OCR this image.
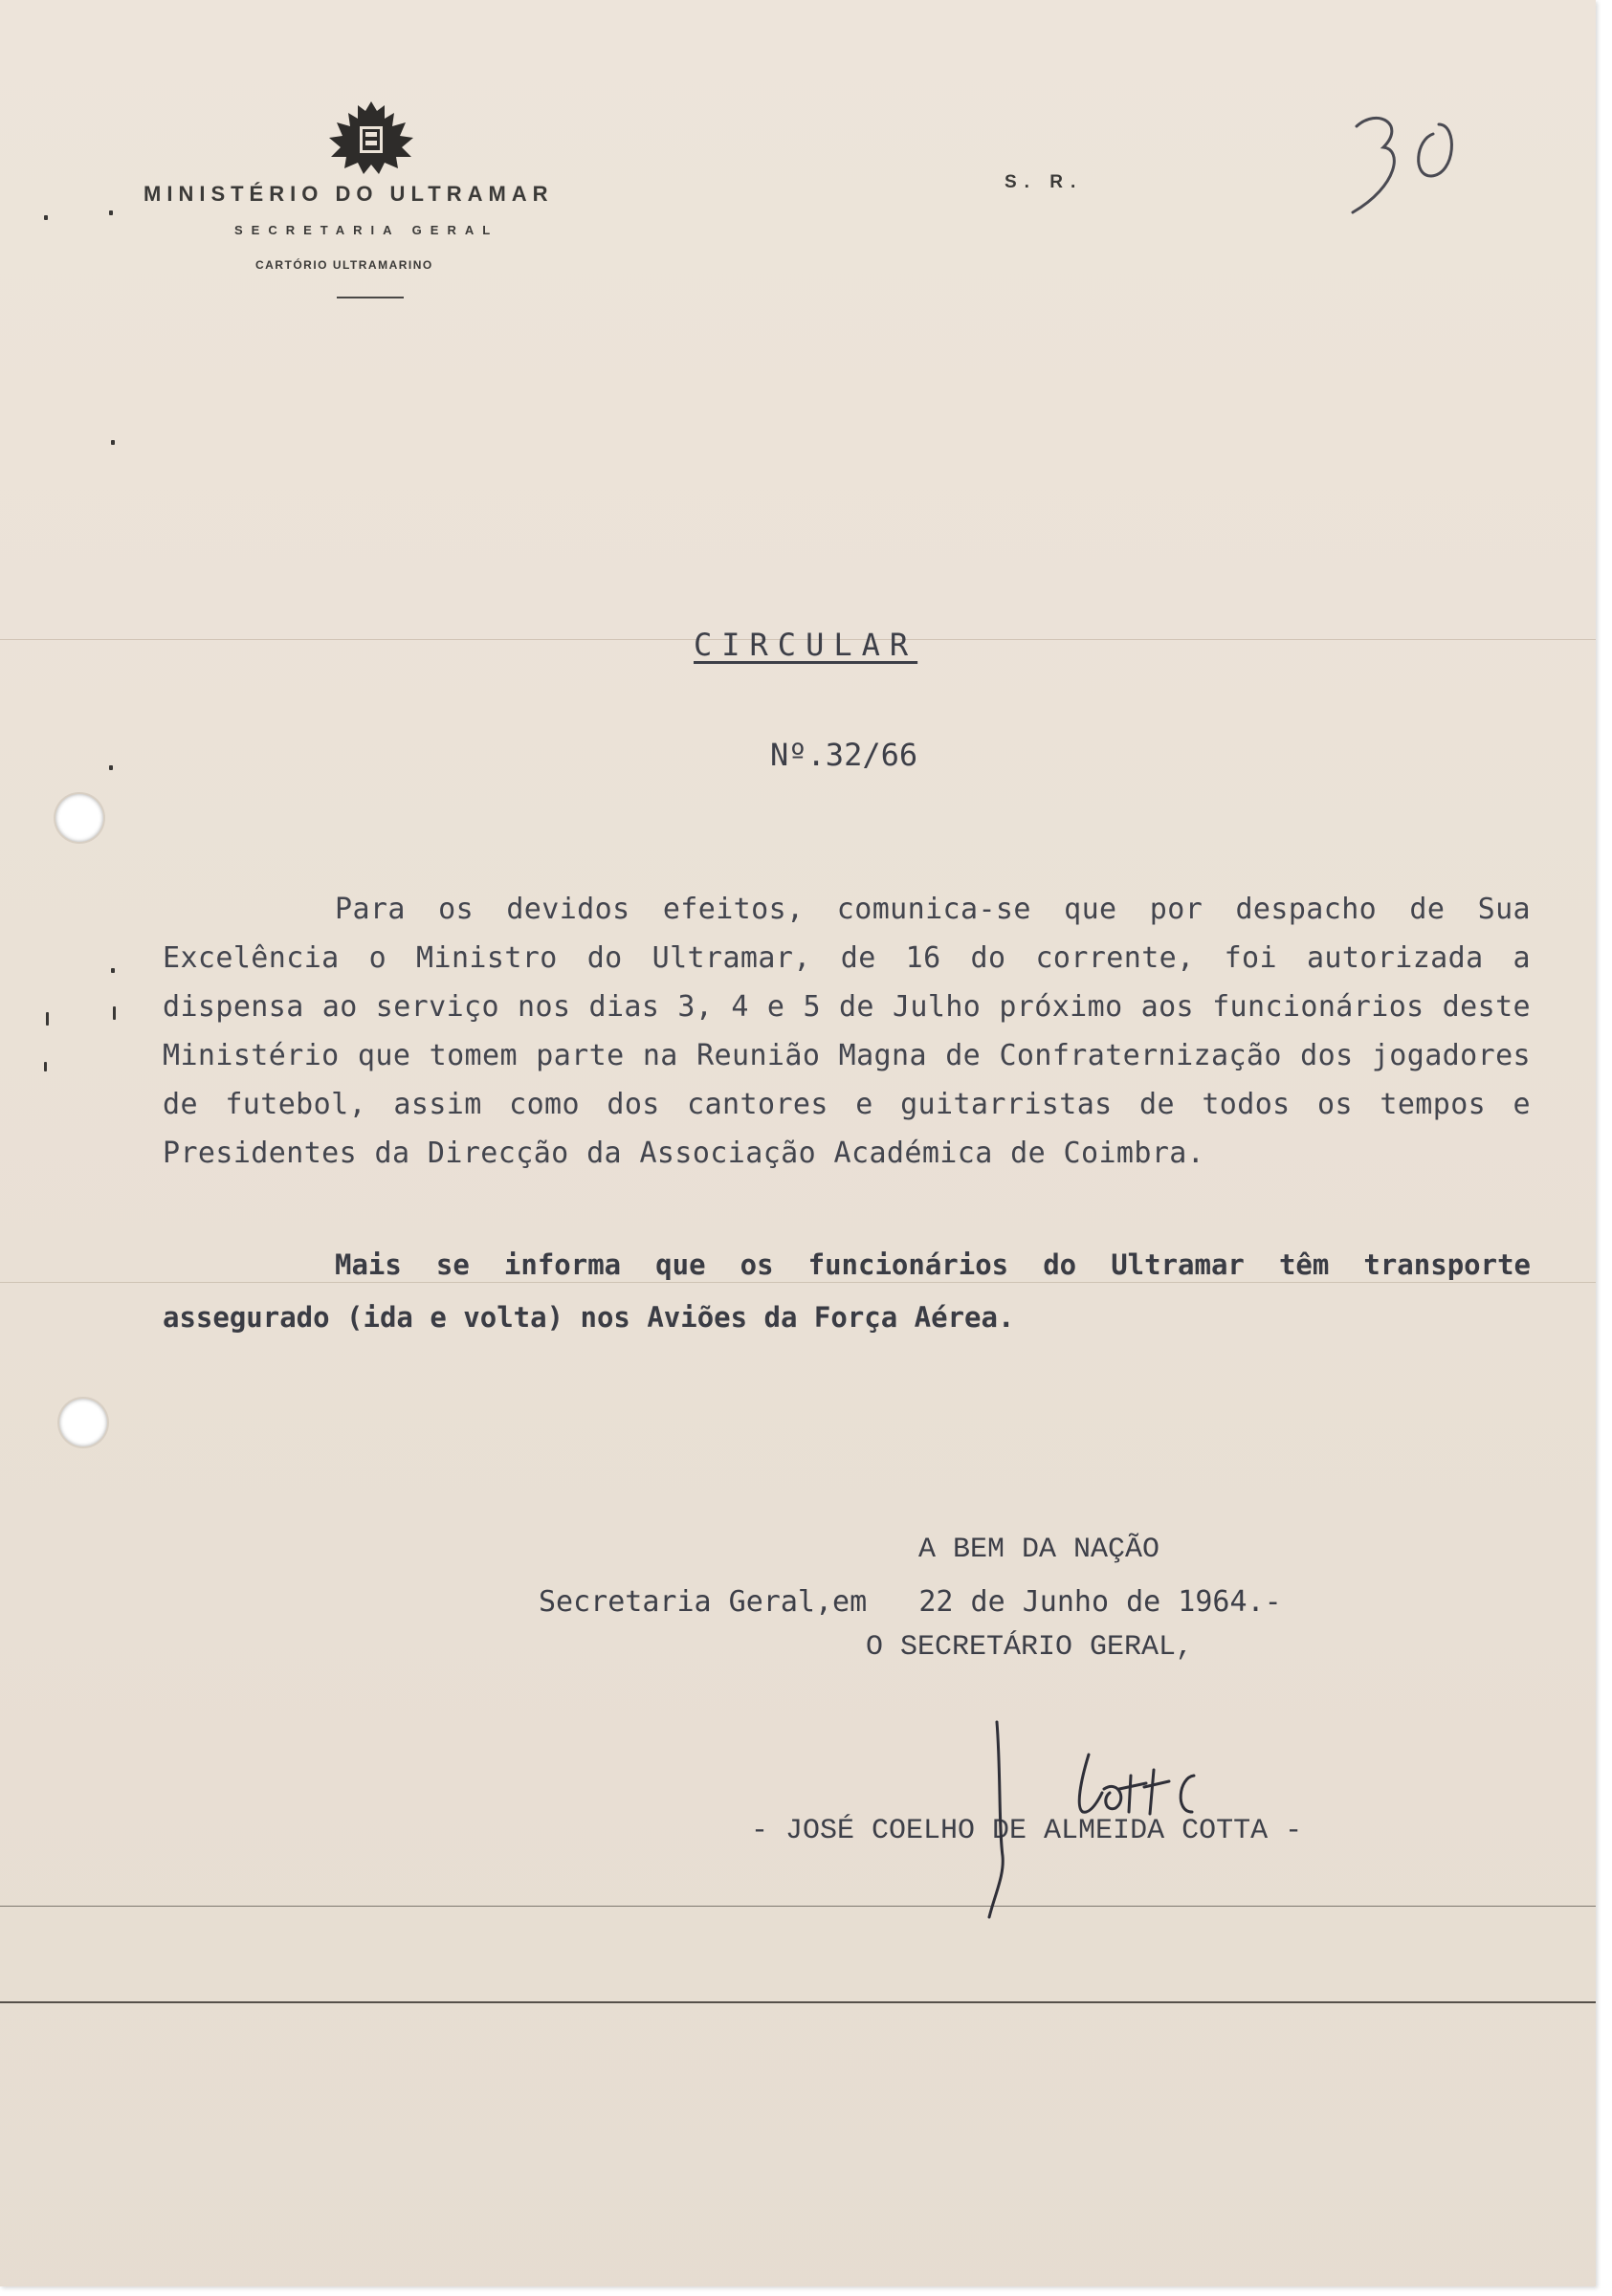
MINISTÉRIO DO ULTRAMAR
SECRETARIA GERAL
CARTÓRIO ULTRAMARINO
S. R.
CIRCULAR
Nº.32/66
Para os devidos efeitos, comunica-se que por despacho de Sua Excelência o Ministro do Ultramar, de 16 do corrente, foi autorizada a dispensa ao serviço nos dias 3, 4 e 5 de Julho próximo aos funcionários deste Ministério que tomem parte na Reunião Magna de Confraternização dos jogadores de futebol, assim como dos cantores e guitarristas de todos os tempos e Presidentes da Direcção da Associação Académica de Coimbra.
Mais se informa que os funcionários do Ultramar têm transporte assegurado (ida e volta) nos Aviões da Força Aérea.
A BEM DA NAÇÃO
Secretaria Geral,em 22 de Junho de 1964.-
O SECRETÁRIO GERAL,
- JOSÉ COELHO DE ALMEIDA COTTA -
